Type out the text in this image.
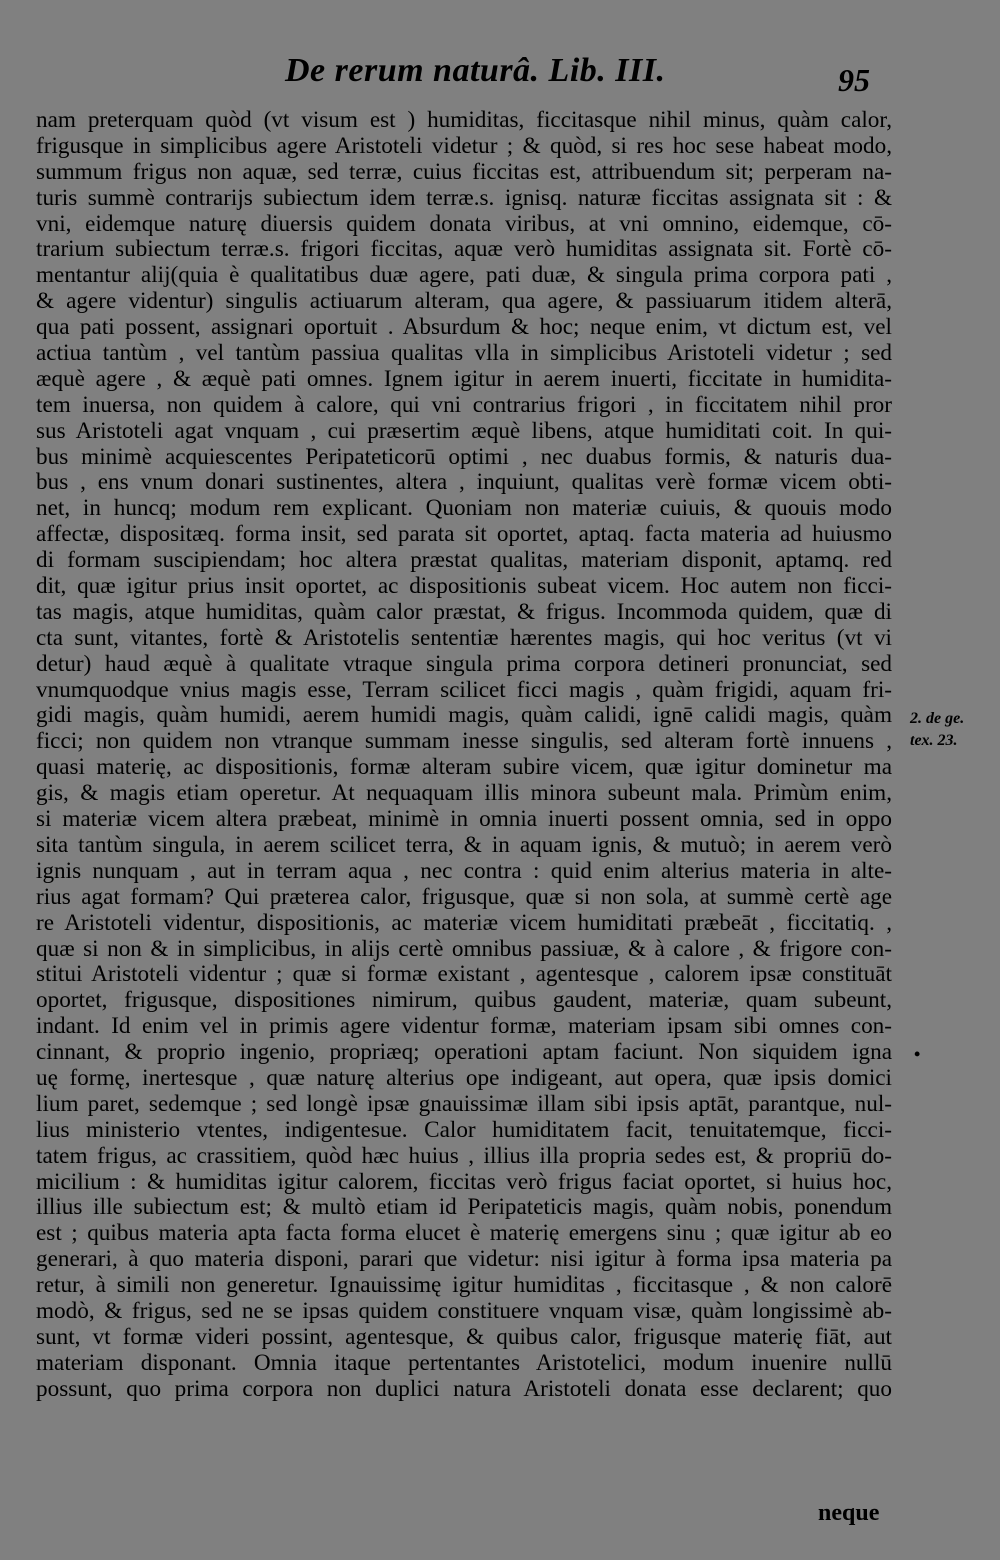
De rerum naturâ. Lib. III.	95
nam preterquam quòd (vt visum est ) humiditas, ficcitasque nihil minus, quàm calor,
frigusque in simplicibus agere Aristoteli videtur ; & quòd, si res hoc sese habeat modo,
summum frigus non aquæ, sed terræ, cuius ficcitas est, attribuendum sit; perperam na-
turis summè contrarijs subiectum idem terræ.s. ignisq. naturæ ficcitas assignata sit : &
vni, eidemque naturę diuersis quidem donata viribus, at vni omnino, eidemque, cō-
trarium subiectum terræ.s. frigori ficcitas, aquæ verò humiditas assignata sit. Fortè cō-
mentantur alij(quia è qualitatibus duæ agere, pati duæ, & singula prima corpora pati ,
& agere videntur) singulis actiuarum alteram, qua agere, & passiuarum itidem alterā,
qua pati possent, assignari oportuit . Absurdum & hoc; neque enim, vt dictum est, vel
actiua tantùm , vel tantùm passiua qualitas vlla in simplicibus Aristoteli videtur ; sed
æquè agere , & æquè pati omnes. Ignem igitur in aerem inuerti, ficcitate in humidita-
tem inuersa, non quidem à calore, qui vni contrarius frigori , in ficcitatem nihil pror
sus Aristoteli agat vnquam , cui præsertim æquè libens, atque humiditati coit. In qui-
bus minimè acquiescentes Peripateticorū optimi , nec duabus formis, & naturis dua-
bus , ens vnum donari sustinentes, altera , inquiunt, qualitas verè formæ vicem obti-
net, in huncq; modum rem explicant. Quoniam non materiæ cuiuis, & quouis modo
affectæ, dispositæq. forma insit, sed parata sit oportet, aptaq. facta materia ad huiusmo
di formam suscipiendam; hoc altera præstat qualitas, materiam disponit, aptamq. red
dit, quæ igitur prius insit oportet, ac dispositionis subeat vicem. Hoc autem non ficci-
tas magis, atque humiditas, quàm calor præstat, & frigus. Incommoda quidem, quæ di
cta sunt, vitantes, fortè & Aristotelis sententiæ hærentes magis, qui hoc veritus (vt vi
detur) haud æquè à qualitate vtraque singula prima corpora detineri pronunciat, sed
vnumquodque vnius magis esse, Terram scilicet ficci magis , quàm frigidi, aquam fri-
gidi magis, quàm humidi, aerem humidi magis, quàm calidi, ignē calidi magis, quàm
ficci; non quidem non vtranque summam inesse singulis, sed alteram fortè innuens ,
quasi materię, ac dispositionis, formæ alteram subire vicem, quæ igitur dominetur ma
gis, & magis etiam operetur. At nequaquam illis minora subeunt mala. Primùm enim,
si materiæ vicem altera præbeat, minimè in omnia inuerti possent omnia, sed in oppo
sita tantùm singula, in aerem scilicet terra, & in aquam ignis, & mutuò; in aerem verò
ignis nunquam , aut in terram aqua , nec contra : quid enim alterius materia in alte-
rius agat formam? Qui præterea calor, frigusque, quæ si non sola, at summè certè age
re Aristoteli videntur, dispositionis, ac materiæ vicem humiditati præbeāt , ficcitatiq. ,
quæ si non & in simplicibus, in alijs certè omnibus passiuæ, & à calore , & frigore con-
stitui Aristoteli videntur ; quæ si formæ existant , agentesque , calorem ipsæ constituāt
oportet, frigusque, dispositiones nimirum, quibus gaudent, materiæ, quam subeunt,
indant. Id enim vel in primis agere videntur formæ, materiam ipsam sibi omnes con-
cinnant, & proprio ingenio, propriæq; operationi aptam faciunt. Non siquidem igna
uę formę, inertesque , quæ naturę alterius ope indigeant, aut opera, quæ ipsis domici
lium paret, sedemque ; sed longè ipsæ gnauissimæ illam sibi ipsis aptāt, parantque, nul-
lius ministerio vtentes, indigentesue. Calor humiditatem facit, tenuitatemque, ficci-
tatem frigus, ac crassitiem, quòd hæc huius , illius illa propria sedes est, & propriū do-
micilium : & humiditas igitur calorem, ficcitas verò frigus faciat oportet, si huius hoc,
illius ille subiectum est; & multò etiam id Peripateticis magis, quàm nobis, ponendum
est ; quibus materia apta facta forma elucet è materię emergens sinu ; quæ igitur ab eo
generari, à quo materia disponi, parari que videtur: nisi igitur à forma ipsa materia pa
retur, à simili non generetur. Ignauissimę igitur humiditas , ficcitasque , & non calorē
modò, & frigus, sed ne se ipsas quidem constituere vnquam visæ, quàm longissimè ab-
sunt, vt formæ videri possint, agentesque, & quibus calor, frigusque materię fiāt, aut
materiam disponant. Omnia itaque pertentantes Aristotelici, modum inuenire nullū
possunt, quo prima corpora non duplici natura Aristoteli donata esse declarent; quo
neque
2. de ge.
tex. 23.
•
